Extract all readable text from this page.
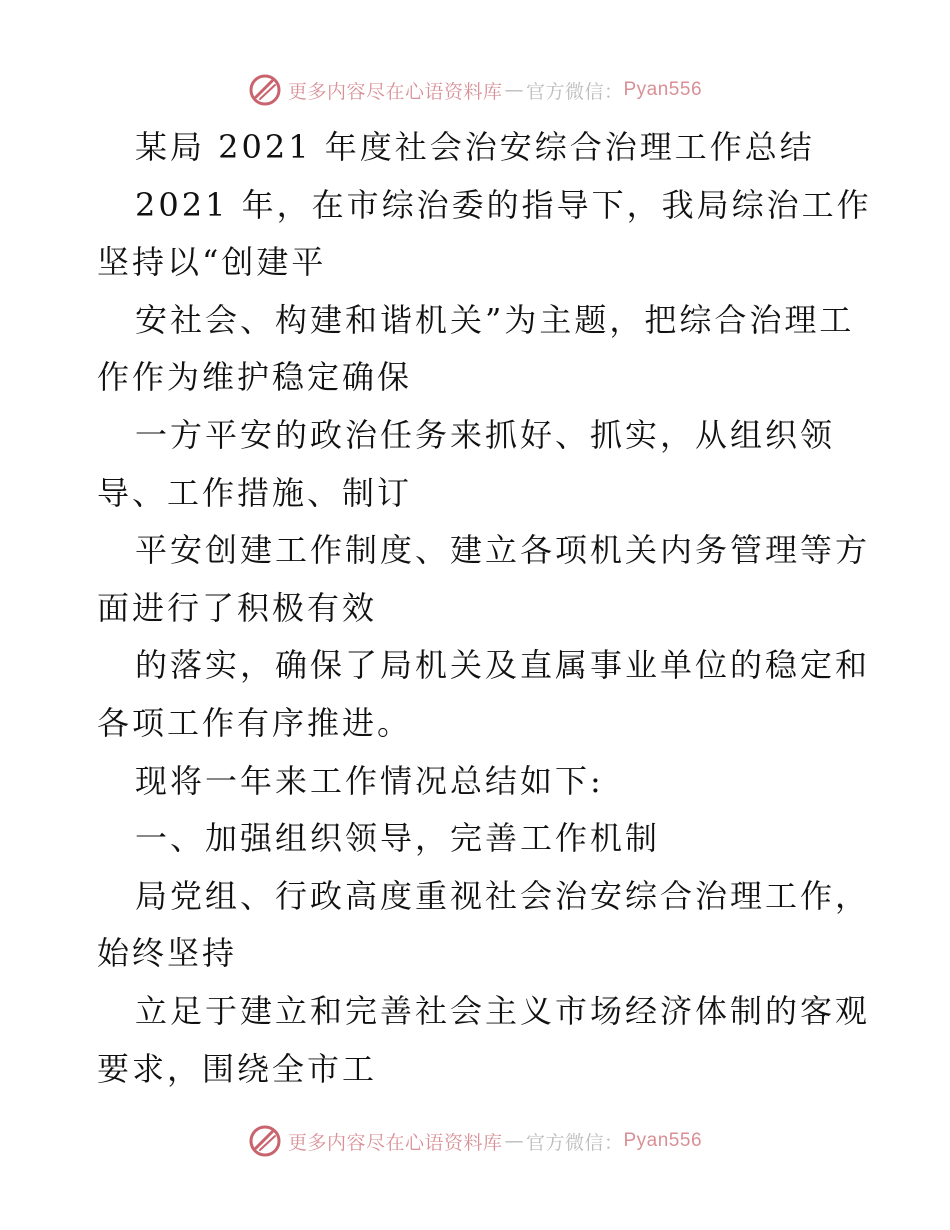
更多内容尽在心语资料库 — 官方微信： Pyan556
某局 2021 年度社会治安综合治理工作总结
2021 年，在市综治委的指导下，我局综治工作
坚持以“创建平
安社会、构建和谐机关”为主题，把综合治理工
作作为维护稳定确保
一方平安的政治任务来抓好、抓实，从组织领
导、工作措施、制订
平安创建工作制度、建立各项机关内务管理等方
面进行了积极有效
的落实，确保了局机关及直属事业单位的稳定和
各项工作有序推进。
现将一年来工作情况总结如下:
一、加强组织领导，完善工作机制
局党组、行政高度重视社会治安综合治理工作，
始终坚持
立足于建立和完善社会主义市场经济体制的客观
要求，围绕全市工
更多内容尽在心语资料库 — 官方微信： Pyan556
